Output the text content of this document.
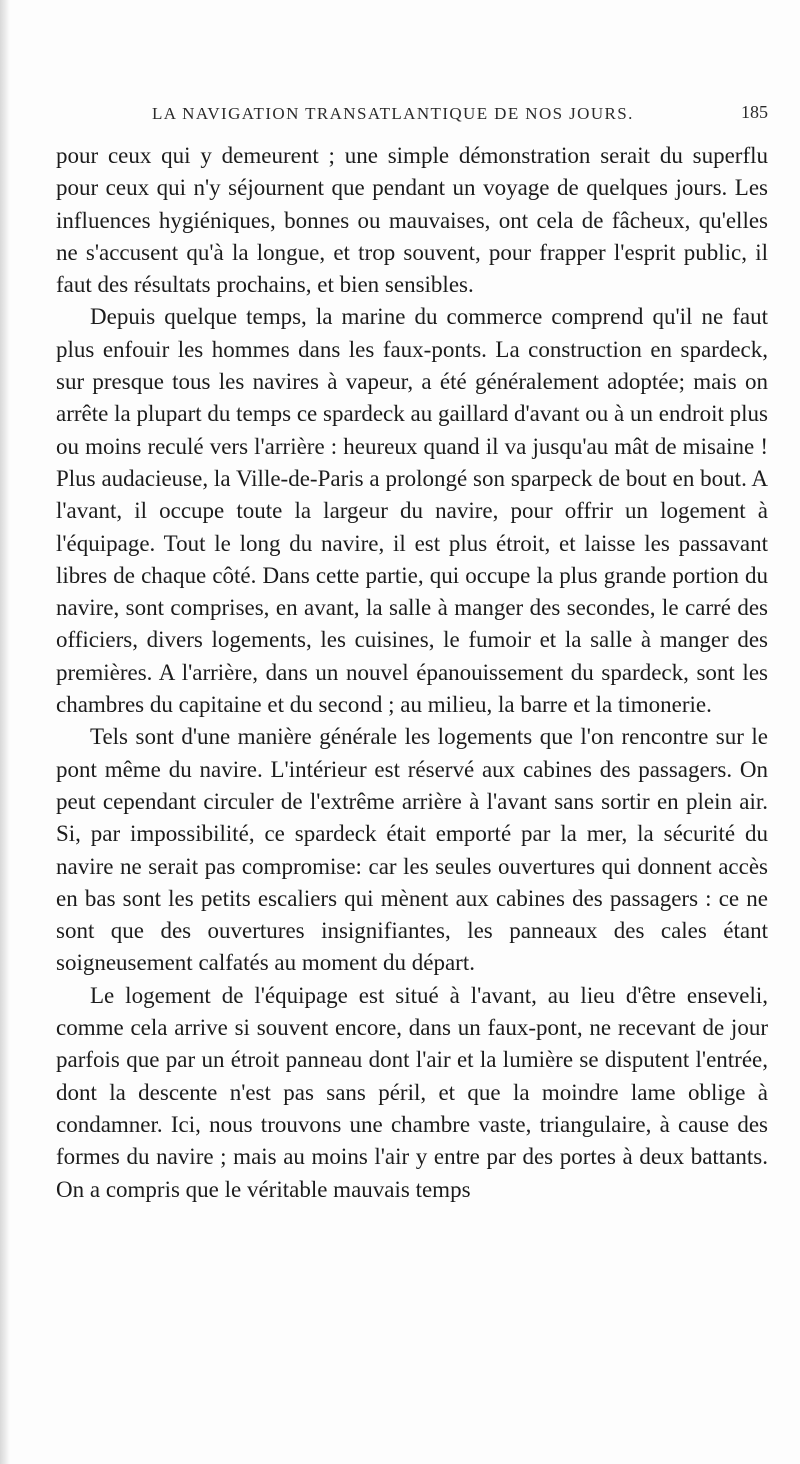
LA NAVIGATION TRANSATLANTIQUE DE NOS JOURS.	185

pour ceux qui y demeurent ; une simple démonstration serait du superflu pour ceux qui n'y séjournent que pendant un voyage de quelques jours. Les influences hygiéniques, bonnes ou mauvaises, ont cela de fâcheux, qu'elles ne s'accusent qu'à la longue, et trop souvent, pour frapper l'esprit public, il faut des résultats prochains, et bien sensibles.

Depuis quelque temps, la marine du commerce comprend qu'il ne faut plus enfouir les hommes dans les faux-ponts. La construction en spardeck, sur presque tous les navires à vapeur, a été généralement adoptée; mais on arrête la plupart du temps ce spardeck au gaillard d'avant ou à un endroit plus ou moins reculé vers l'arrière : heureux quand il va jusqu'au mât de misaine ! Plus audacieuse, la Ville-de-Paris a prolongé son sparpeck de bout en bout. A l'avant, il occupe toute la largeur du navire, pour offrir un logement à l'équipage. Tout le long du navire, il est plus étroit, et laisse les passavant libres de chaque côté. Dans cette partie, qui occupe la plus grande portion du navire, sont comprises, en avant, la salle à manger des secondes, le carré des officiers, divers logements, les cuisines, le fumoir et la salle à manger des premières. A l'arrière, dans un nouvel épanouissement du spardeck, sont les chambres du capitaine et du second ; au milieu, la barre et la timonerie.

Tels sont d'une manière générale les logements que l'on rencontre sur le pont même du navire. L'intérieur est réservé aux cabines des passagers. On peut cependant circuler de l'extrême arrière à l'avant sans sortir en plein air. Si, par impossibilité, ce spardeck était emporté par la mer, la sécurité du navire ne serait pas compromise: car les seules ouvertures qui donnent accès en bas sont les petits escaliers qui mènent aux cabines des passagers : ce ne sont que des ouvertures insignifiantes, les panneaux des cales étant soigneusement calfatés au moment du départ.

Le logement de l'équipage est situé à l'avant, au lieu d'être enseveli, comme cela arrive si souvent encore, dans un faux-pont, ne recevant de jour parfois que par un étroit panneau dont l'air et la lumière se disputent l'entrée, dont la descente n'est pas sans péril, et que la moindre lame oblige à condamner. Ici, nous trouvons une chambre vaste, triangulaire, à cause des formes du navire ; mais au moins l'air y entre par des portes à deux battants. On a compris que le véritable mauvais temps
